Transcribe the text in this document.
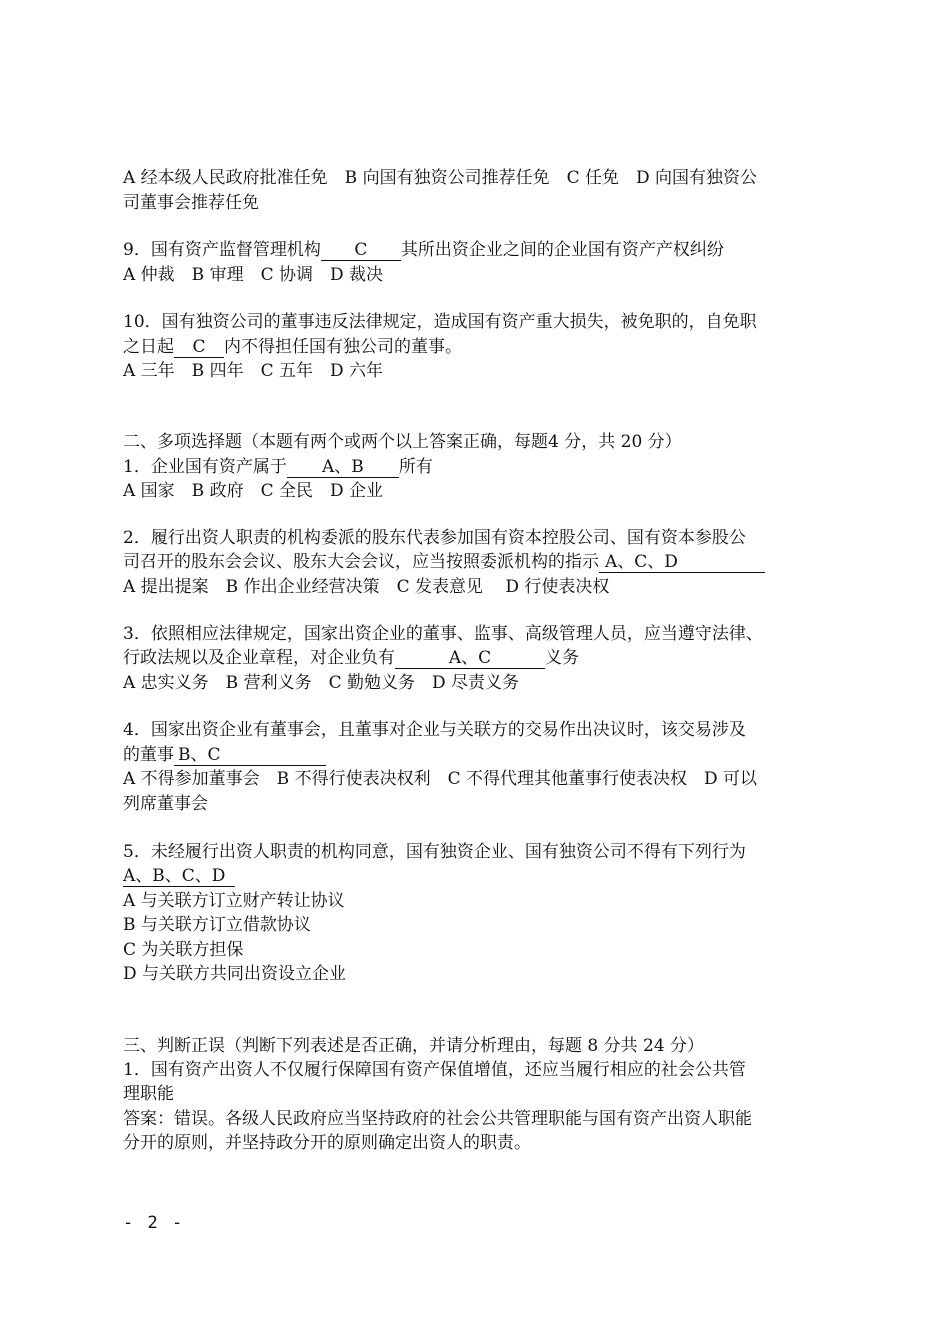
A 经本级人民政府批准任免　B 向国有独资公司推荐任免　C 任免　D 向国有独资公
司董事会推荐任免
9．国有资产监督管理机构 C 其所出资企业之间的企业国有资产产权纠纷
A 仲裁　B 审理　C 协调　D 裁决
10．国有独资公司的董事违反法律规定，造成国有资产重大损失，被免职的，自免职
之日起 C 内不得担任国有独公司的董事。
A 三年　B 四年　C 五年　D 六年
二、多项选择题（本题有两个或两个以上答案正确，每题4 分，共 20 分）
1．企业国有资产属于 A、B 所有
A 国家　B 政府　C 全民　D 企业
2．履行出资人职责的机构委派的股东代表参加国有资本控股公司、国有资本参股公
司召开的股东会会议、股东大会会议，应当按照委派机构的指示 A、C、D
A 提出提案　B 作出企业经营决策　C 发表意见　 D 行使表决权
3．依照相应法律规定，国家出资企业的董事、监事、高级管理人员，应当遵守法律、
行政法规以及企业章程，对企业负有	A、C	义务
A 忠实义务　B 营利义务　C 勤勉义务　D 尽责义务
4．国家出资企业有董事会，且董事对企业与关联方的交易作出决议时，该交易涉及
的董事 B、C
A 不得参加董事会　B 不得行使表决权利　C 不得代理其他董事行使表决权　D 可以
列席董事会
5．未经履行出资人职责的机构同意，国有独资企业、国有独资公司不得有下列行为
A、B、C、D
A 与关联方订立财产转让协议
B 与关联方订立借款协议
C 为关联方担保
D 与关联方共同出资设立企业
三、判断正误（判断下列表述是否正确，并请分析理由，每题 8 分共 24 分）
1．国有资产出资人不仅履行保障国有资产保值增值，还应当履行相应的社会公共管
理职能
答案：错误。各级人民政府应当坚持政府的社会公共管理职能与国有资产出资人职能
分开的原则，并坚持政分开的原则确定出资人的职责。
- 2 -
